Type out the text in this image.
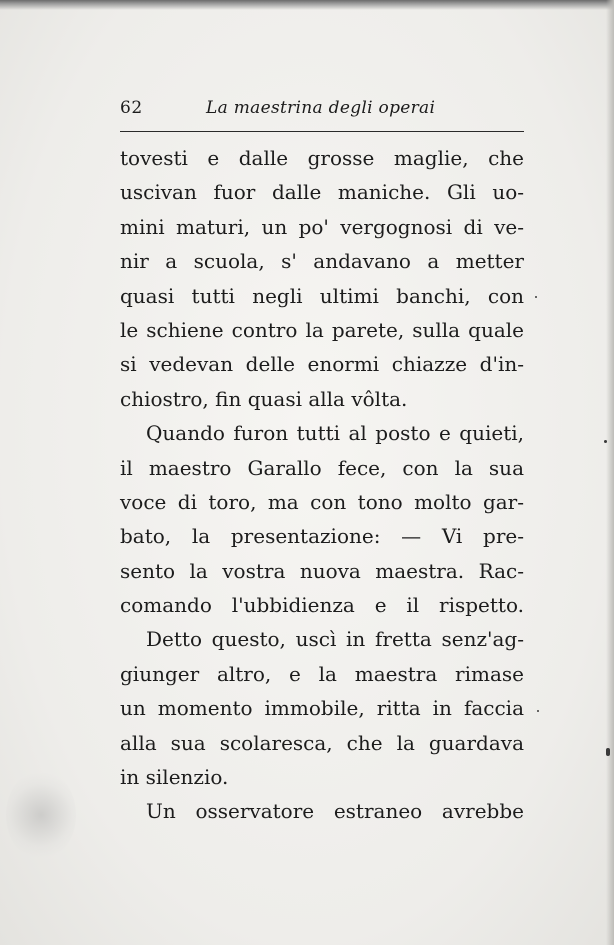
62	La maestrina degli operai
tovesti e dalle grosse maglie, che
uscivan fuor dalle maniche. Gli uo-
mini maturi, un po' vergognosi di ve-
nir a scuola, s' andavano a metter
quasi tutti negli ultimi banchi, con
le schiene contro la parete, sulla quale
si vedevan delle enormi chiazze d'in-
chiostro, fin quasi alla vôlta.
Quando furon tutti al posto e quieti,
il maestro Garallo fece, con la sua
voce di toro, ma con tono molto gar-
bato, la presentazione: — Vi pre-
sento la vostra nuova maestra. Rac-
comando l'ubbidienza e il rispetto.
Detto questo, uscì in fretta senz'ag-
giunger altro, e la maestra rimase
un momento immobile, ritta in faccia
alla sua scolaresca, che la guardava
in silenzio.
Un osservatore estraneo avrebbe
